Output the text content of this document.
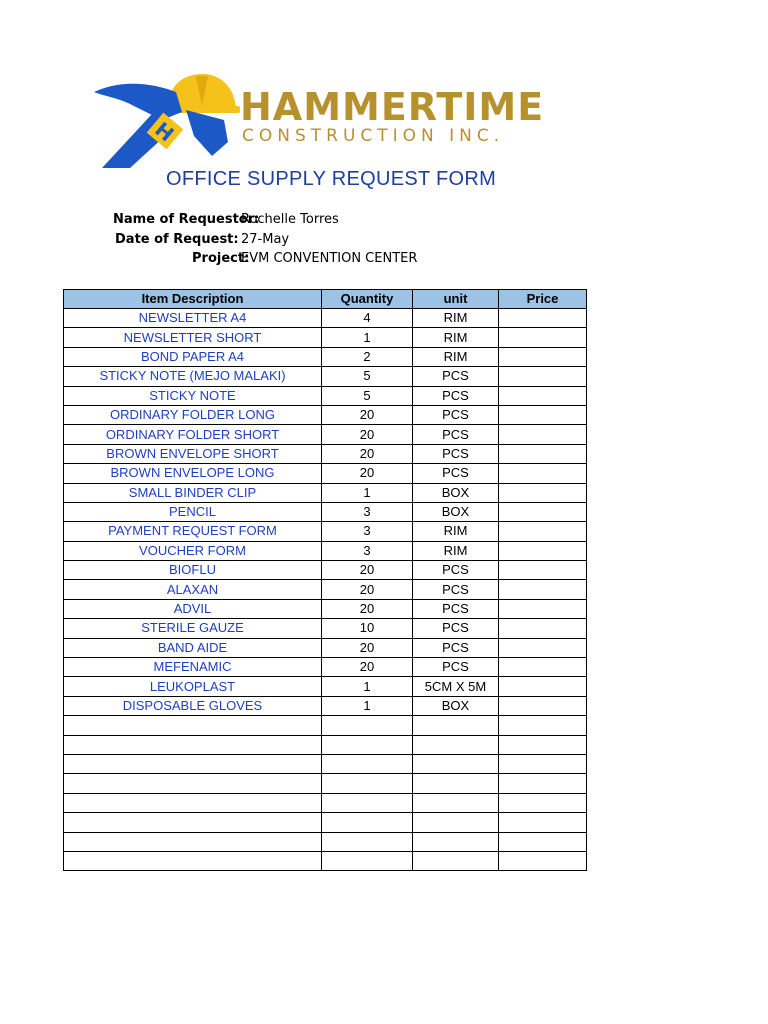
H
HAMMERTIME
CONSTRUCTION INC.
OFFICE SUPPLY REQUEST FORM
Name of Requestor:
Rochelle Torres
Date of Request: 27-May
Project:
EVM CONVENTION CENTER
Item Description	Quantity	unit	Price
NEWSLETTER A4	4	RIM	
NEWSLETTER SHORT	1	RIM	
BOND PAPER A4	2	RIM	
STICKY NOTE (MEJO MALAKI)	5	PCS	
STICKY NOTE	5	PCS	
ORDINARY FOLDER LONG	20	PCS	
ORDINARY FOLDER SHORT	20	PCS	
BROWN ENVELOPE SHORT	20	PCS	
BROWN ENVELOPE LONG	20	PCS	
SMALL BINDER CLIP	1	BOX	
PENCIL	3	BOX	
PAYMENT REQUEST FORM	3	RIM	
VOUCHER FORM	3	RIM	
BIOFLU	20	PCS	
ALAXAN	20	PCS	
ADVIL	20	PCS	
STERILE GAUZE	10	PCS	
BAND AIDE	20	PCS	
MEFENAMIC	20	PCS	
LEUKOPLAST	1	5CM X 5M	
DISPOSABLE GLOVES	1	BOX	
